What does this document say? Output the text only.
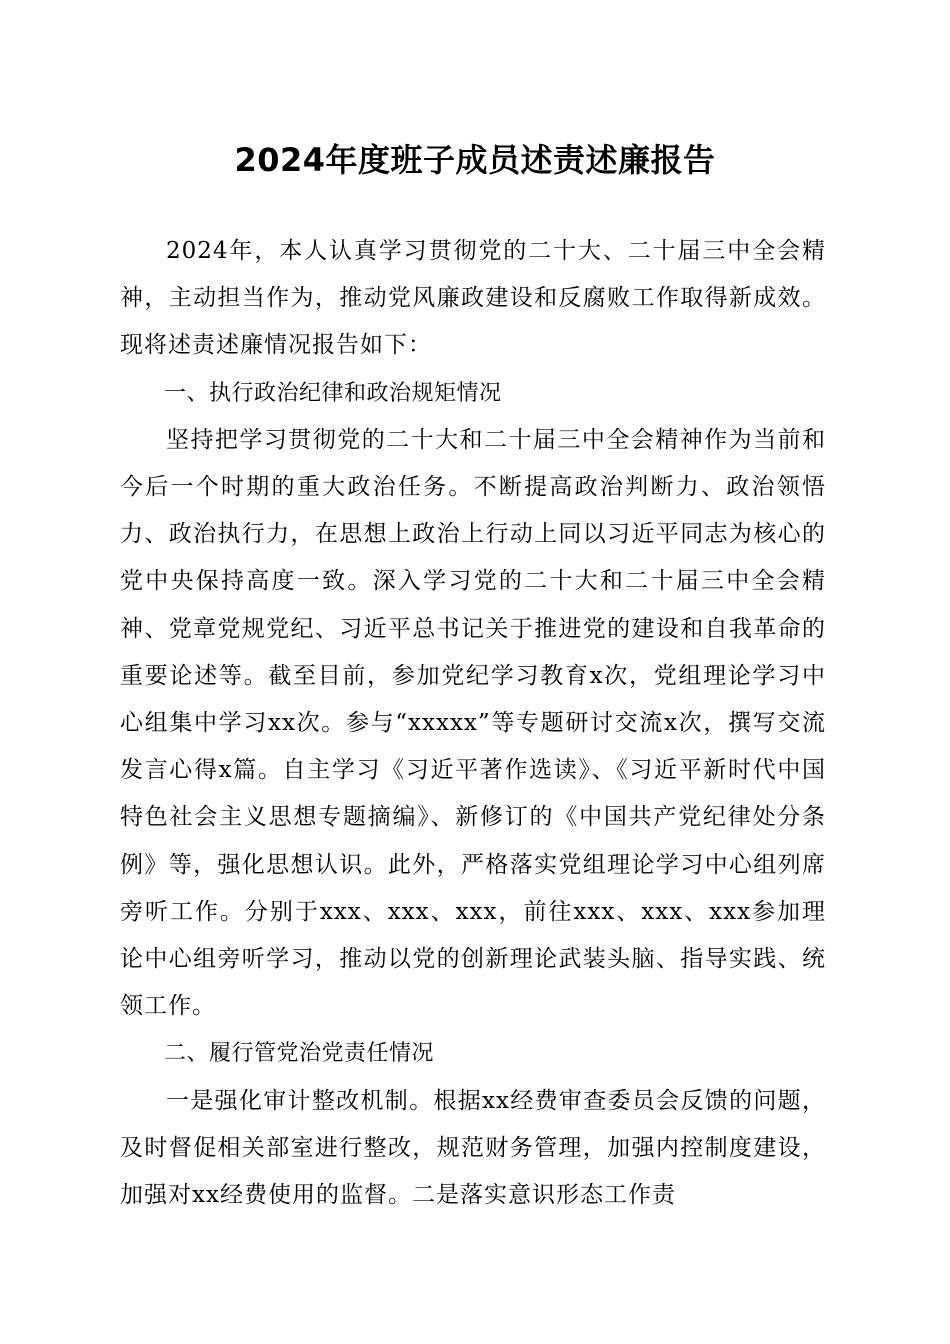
2024年度班子成员述责述廉报告

2024年，本人认真学习贯彻党的二十大、二十届三中全会精神，主动担当作为，推动党风廉政建设和反腐败工作取得新成效。现将述责述廉情况报告如下：

一、执行政治纪律和政治规矩情况

坚持把学习贯彻党的二十大和二十届三中全会精神作为当前和今后一个时期的重大政治任务。不断提高政治判断力、政治领悟力、政治执行力，在思想上政治上行动上同以习近平同志为核心的党中央保持高度一致。深入学习党的二十大和二十届三中全会精神、党章党规党纪、习近平总书记关于推进党的建设和自我革命的重要论述等。截至目前，参加党纪学习教育x次，党组理论学习中心组集中学习xx次。参与“xxxxx”等专题研讨交流x次，撰写交流发言心得x篇。自主学习《习近平著作选读》、《习近平新时代中国特色社会主义思想专题摘编》、新修订的《中国共产党纪律处分条例》等，强化思想认识。此外，严格落实党组理论学习中心组列席旁听工作。分别于xxx、xxx、xxx，前往xxx、xxx、xxx参加理论中心组旁听学习，推动以党的创新理论武装头脑、指导实践、统领工作。

二、履行管党治党责任情况

一是强化审计整改机制。根据xx经费审查委员会反馈的问题，及时督促相关部室进行整改，规范财务管理，加强内控制度建设，加强对xx经费使用的监督。二是落实意识形态工作责
